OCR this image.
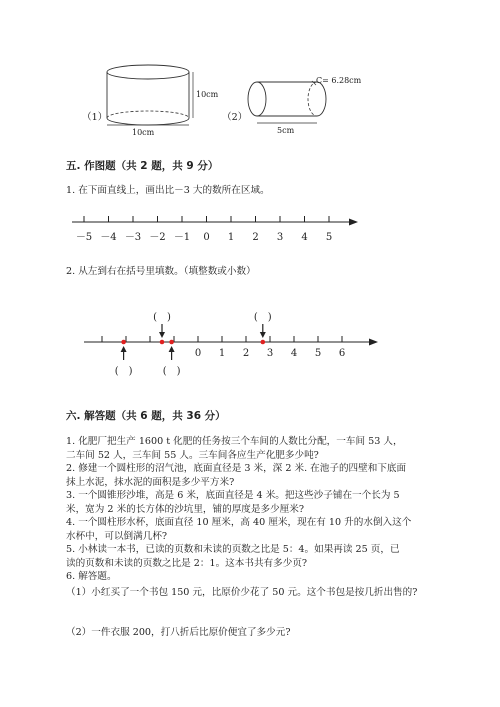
（1）
10cm
10cm
（2）
C= 6.28cm
5cm
五. 作图题（共 2 题，共 9 分）
1. 在下面直线上，画出比－3 大的数所在区域。
－5 －4 －3 －2 －1 0 1 2 3 4 5
2. 从左到右在括号里填数。（填整数或小数）
0 1 2 3 4 5 6
(　)
(　)
(　)
(　)
六. 解答题（共 6 题，共 36 分）
1. 化肥厂把生产 1600 t 化肥的任务按三个车间的人数比分配，一车间 53 人，
二车间 52 人，三车间 55 人。三车间各应生产化肥多少吨?
2. 修建一个圆柱形的沼气池，底面直径是 3 米，深 2 米. 在池子的四壁和下底面
抹上水泥，抹水泥的面积是多少平方米?
3. 一个圆锥形沙堆，高是 6 米，底面直径是 4 米。把这些沙子铺在一个长为 5
米，宽为 2 米的长方体的沙坑里，铺的厚度是多少厘米?
4. 一个圆柱形水杯，底面直径 10 厘米，高 40 厘米，现在有 10 升的水倒入这个
水杯中，可以倒满几杯?
5. 小林读一本书，已读的页数和未读的页数之比是 5：4。如果再读 25 页，已
读的页数和未读的页数之比是 2：1。这本书共有多少页?
6. 解答题。
（1）小红买了一个书包 150 元，比原价少花了 50 元。这个书包是按几折出售的?
（2）一件衣服 200，打八折后比原价便宜了多少元?
